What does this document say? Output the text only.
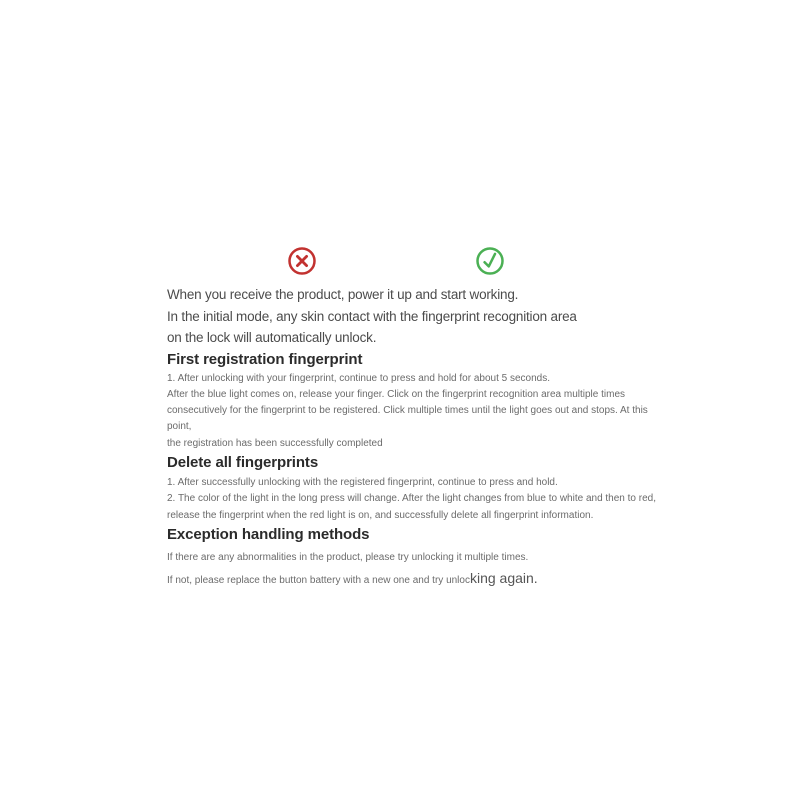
When you receive the product, power it up and start working.
In the initial mode, any skin contact with the fingerprint recognition area
on the lock will automatically unlock.
First registration fingerprint
1. After unlocking with your fingerprint, continue to press and hold for about 5 seconds.
After the blue light comes on, release your finger. Click on the fingerprint recognition area multiple times
consecutively for the fingerprint to be registered. Click multiple times until the light goes out and stops. At this point,
the registration has been successfully completed
Delete all fingerprints
1. After successfully unlocking with the registered fingerprint, continue to press and hold.
2. The color of the light in the long press will change. After the light changes from blue to white and then to red,
release the fingerprint when the red light is on, and successfully delete all fingerprint information.
Exception handling methods
If there are any abnormalities in the product, please try unlocking it multiple times.
If not, please replace the button battery with a new one and try unlocking again.
